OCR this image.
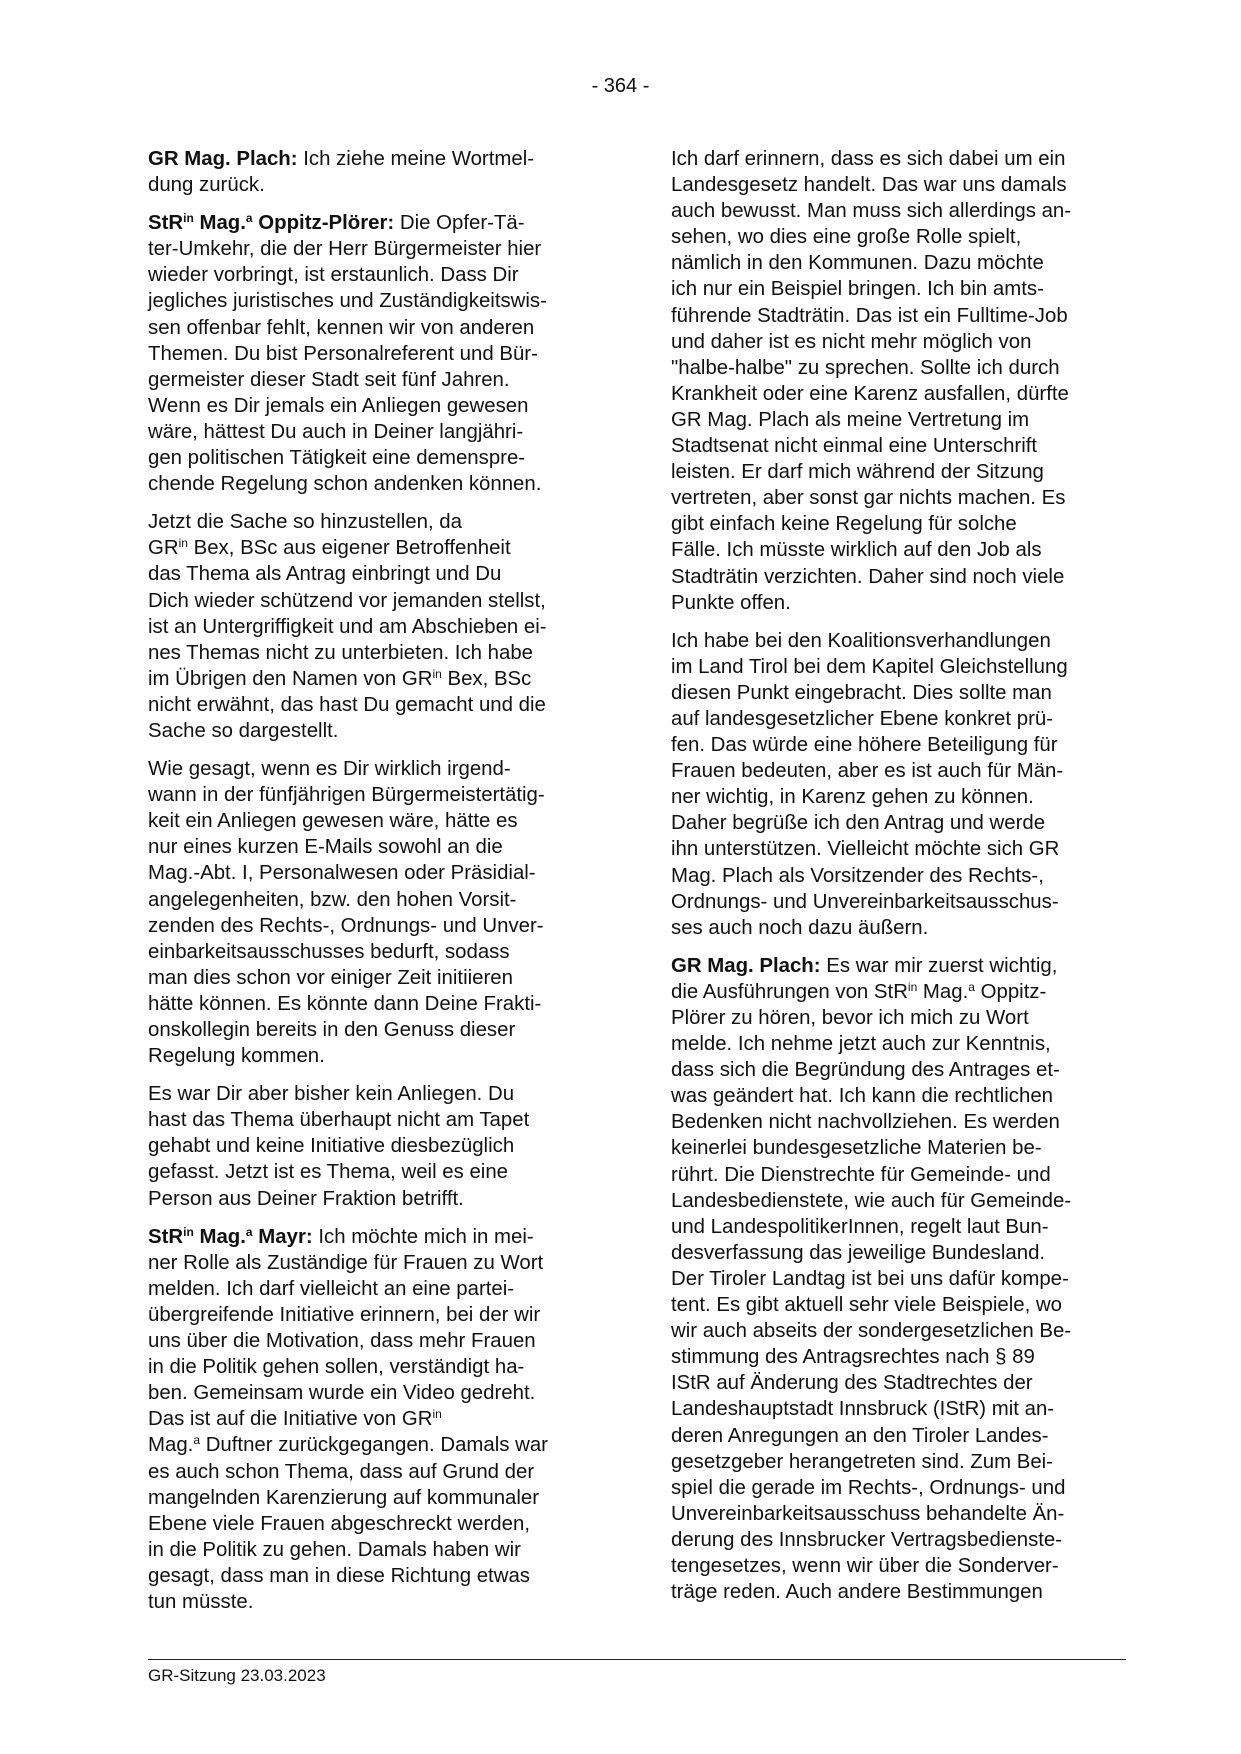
- 364 -
GR Mag. Plach: Ich ziehe meine Wortmel-
dung zurück.
StR$^{in}$ Mag.$^a$ Oppitz-Plörer: Die Opfer-Tä-
ter-Umkehr, die der Herr Bürgermeister hier
wieder vorbringt, ist erstaunlich. Dass Dir
jegliches juristisches und Zuständigkeitswis-
sen offenbar fehlt, kennen wir von anderen
Themen. Du bist Personalreferent und Bür-
germeister dieser Stadt seit fünf Jahren.
Wenn es Dir jemals ein Anliegen gewesen
wäre, hättest Du auch in Deiner langjähri-
gen politischen Tätigkeit eine demenspre-
chende Regelung schon andenken können.
Jetzt die Sache so hinzustellen, da
$GR^{in}$ Bex, BSc aus eigener Betroffenheit
das Thema als Antrag einbringt und Du
Dich wieder schützend vor jemanden stellst,
ist an Untergriffigkeit und am Abschieben ei-
nes Themas nicht zu unterbieten. Ich habe
im Übrigen den Namen von $GR^{in}$ Bex, BSc
nicht erwähnt, das hast Du gemacht und die
Sache so dargestellt.
Wie gesagt, wenn es Dir wirklich irgend-
wann in der fünfjährigen Bürgermeistertätig-
keit ein Anliegen gewesen wäre, hätte es
nur eines kurzen E-Mails sowohl an die
Mag.-Abt. I, Personalwesen oder Präsidial-
angelegenheiten, bzw. den hohen Vorsit-
zenden des Rechts-, Ordnungs- und Unver-
einbarkeitsausschusses bedurft, sodass
man dies schon vor einiger Zeit initiieren
hätte können. Es könnte dann Deine Frakti-
onskollegin bereits in den Genuss dieser
Regelung kommen.
Es war Dir aber bisher kein Anliegen. Du
hast das Thema überhaupt nicht am Tapet
gehabt und keine Initiative diesbezüglich
gefasst. Jetzt ist es Thema, weil es eine
Person aus Deiner Fraktion betrifft.
StR$^{in}$ Mag.$^a$ Mayr: Ich möchte mich in mei-
ner Rolle als Zuständige für Frauen zu Wort
melden. Ich darf vielleicht an eine partei-
übergreifende Initiative erinnern, bei der wir
uns über die Motivation, dass mehr Frauen
in die Politik gehen sollen, verständigt ha-
ben. Gemeinsam wurde ein Video gedreht.
Das ist auf die Initiative von $GR^{in}$
Mag.$^a$ Duftner zurückgegangen. Damals war
es auch schon Thema, dass auf Grund der
mangelnden Karenzierung auf kommunaler
Ebene viele Frauen abgeschreckt werden,
in die Politik zu gehen. Damals haben wir
gesagt, dass man in diese Richtung etwas
tun müsste.
Ich darf erinnern, dass es sich dabei um ein
Landesgesetz handelt. Das war uns damals
auch bewusst. Man muss sich allerdings an-
sehen, wo dies eine große Rolle spielt,
nämlich in den Kommunen. Dazu möchte
ich nur ein Beispiel bringen. Ich bin amts-
führende Stadträtin. Das ist ein Fulltime-Job
und daher ist es nicht mehr möglich von
"halbe-halbe" zu sprechen. Sollte ich durch
Krankheit oder eine Karenz ausfallen, dürfte
GR Mag. Plach als meine Vertretung im
Stadtsenat nicht einmal eine Unterschrift
leisten. Er darf mich während der Sitzung
vertreten, aber sonst gar nichts machen. Es
gibt einfach keine Regelung für solche
Fälle. Ich müsste wirklich auf den Job als
Stadträtin verzichten. Daher sind noch viele
Punkte offen.
Ich habe bei den Koalitionsverhandlungen
im Land Tirol bei dem Kapitel Gleichstellung
diesen Punkt eingebracht. Dies sollte man
auf landesgesetzlicher Ebene konkret prü-
fen. Das würde eine höhere Beteiligung für
Frauen bedeuten, aber es ist auch für Män-
ner wichtig, in Karenz gehen zu können.
Daher begrüße ich den Antrag und werde
ihn unterstützen. Vielleicht möchte sich GR
Mag. Plach als Vorsitzender des Rechts-,
Ordnungs- und Unvereinbarkeitsausschus-
ses auch noch dazu äußern.
GR Mag. Plach: Es war mir zuerst wichtig,
die Ausführungen von StR$^{in}$ Mag.$^a$ Oppitz-
Plörer zu hören, bevor ich mich zu Wort
melde. Ich nehme jetzt auch zur Kenntnis,
dass sich die Begründung des Antrages et-
was geändert hat. Ich kann die rechtlichen
Bedenken nicht nachvollziehen. Es werden
keinerlei bundesgesetzliche Materien be-
rührt. Die Dienstrechte für Gemeinde- und
Landesbedienstete, wie auch für Gemeinde-
und LandespolitikerInnen, regelt laut Bun-
desverfassung das jeweilige Bundesland.
Der Tiroler Landtag ist bei uns dafür kompe-
tent. Es gibt aktuell sehr viele Beispiele, wo
wir auch abseits der sondergesetzlichen Be-
stimmung des Antragsrechtes nach § 89
IStR auf Änderung des Stadtrechtes der
Landeshauptstadt Innsbruck (IStR) mit an-
deren Anregungen an den Tiroler Landes-
gesetzgeber herangetreten sind. Zum Bei-
spiel die gerade im Rechts-, Ordnungs- und
Unvereinbarkeitsausschuss behandelte Än-
derung des Innsbrucker Vertragsbedienste-
tengesetzes, wenn wir über die Sonderver-
träge reden. Auch andere Bestimmungen
GR-Sitzung 23.03.2023
